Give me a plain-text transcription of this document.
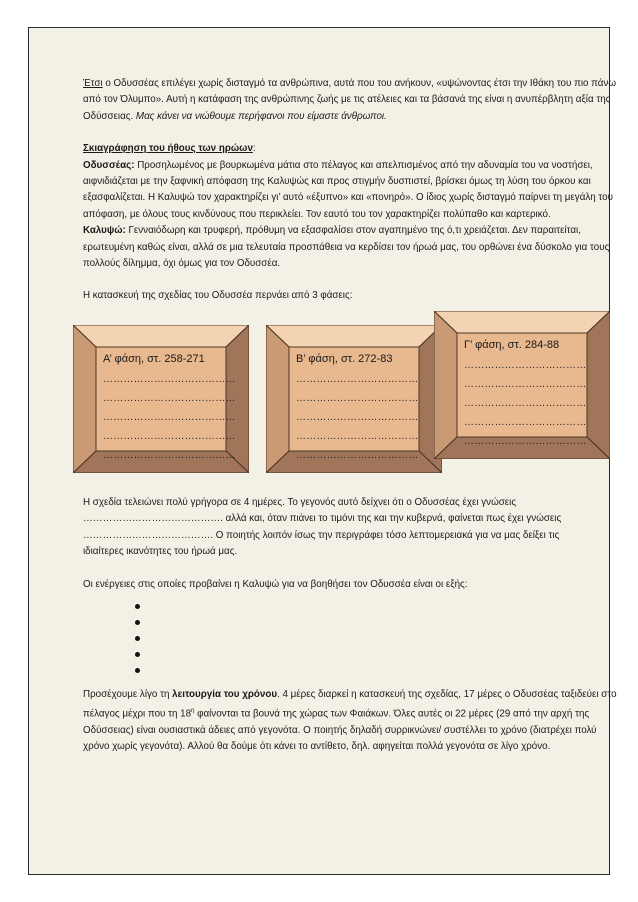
Έτσι ο Οδυσσέας επιλέγει χωρίς δισταγμό τα ανθρώπινα, αυτά που του ανήκουν, «υψώνοντας έτσι την Ιθάκη του πιο πάνω από τον Όλυμπο». Αυτή η κατάφαση της ανθρώπινης ζωής με τις ατέλειες και τα βάσανά της είναι η ανυπέρβλητη αξία της Οδύσσειας. Μας κάνει να νιώθουμε περήφανοι που είμαστε άνθρωποι.

Σκιαγράφηση του ήθους των ηρώων:

Οδυσσέας: Προσηλωμένος με βουρκωμένα μάτια στο πέλαγος και απελπισμένος από την αδυναμία του να νοστήσει, αιφνιδιάζεται με την ξαφνική απόφαση της Καλυψώς και προς στιγμήν δυσπιστεί, βρίσκει όμως τη λύση του όρκου και εξασφαλίζεται. Η Καλυψώ τον χαρακτηρίζει γι’ αυτό «έξυπνο» και «πονηρό». Ο ίδιος χωρίς δισταγμό παίρνει τη μεγάλη του απόφαση, με όλους τους κινδύνους που περικλείει. Τον εαυτό του τον χαρακτηρίζει πολύπαθο και καρτερικό.

Καλυψώ: Γενναιόδωρη και τρυφερή, πρόθυμη να εξασφαλίσει στον αγαπημένο της ό,τι χρειάζεται. Δεν παραιτείται, ερωτευμένη καθώς είναι, αλλά σε μια τελευταία προσπάθεια να κερδίσει τον ήρωά μας, του ορθώνει ένα δύσκολο για τους πολλούς δίλημμα, όχι όμως για τον Οδυσσέα.

Η κατασκευή της σχεδίας του Οδυσσέα περνάει από 3 φάσεις:

Α’ φάση, στ. 258-271
…………………………………
…………………………………
…………………………………
…………………………………
…………………………………
Β’ φάση, στ. 272-83
………………………………
………………………………
………………………………
………………………………
………………………………
Γ’ φάση, στ. 284-88
………………………………
………………………………
………………………………
………………………………
………………………………
Η σχεδία τελειώνει πολύ γρήγορα σε 4 ημέρες. Το γεγονός αυτό δείχνει ότι ο Οδυσσέας έχει γνώσεις
……………………………………. αλλά και, όταν πιάνει το τιμόνι της και την κυβερνά, φαίνεται πως έχει γνώσεις
…………………………………. Ο ποιητής λοιπόν ίσως την περιγράφει τόσο λεπτομερειακά για να μας δείξει τις
ιδιαίτερες ικανότητες του ήρωά μας.

Οι ενέργειες στις οποίες προβαίνει η Καλυψώ για να βοηθήσει τον Οδυσσέα είναι οι εξής:

Προσέχουμε λίγο τη λειτουργία του χρόνου. 4 μέρες διαρκεί η κατασκευή της σχεδίας, 17 μέρες ο Οδυσσέας ταξιδεύει στο πέλαγος μέχρι που τη $18^\eta$ φαίνονται τα βουνά της χώρας των Φαιάκων. Όλες αυτές οι 22 μέρες (29 από την αρχή της Οδύσσειας) είναι ουσιαστικά άδειες από γεγονότα. Ο ποιητής δηλαδή συρρικνώνει/ συστέλλει το χρόνο (διατρέχει πολύ χρόνο χωρίς γεγονότα). Αλλού θα δούμε ότι κάνει το αντίθετο, δηλ. αφηγείται πολλά γεγονότα σε λίγο χρόνο.
